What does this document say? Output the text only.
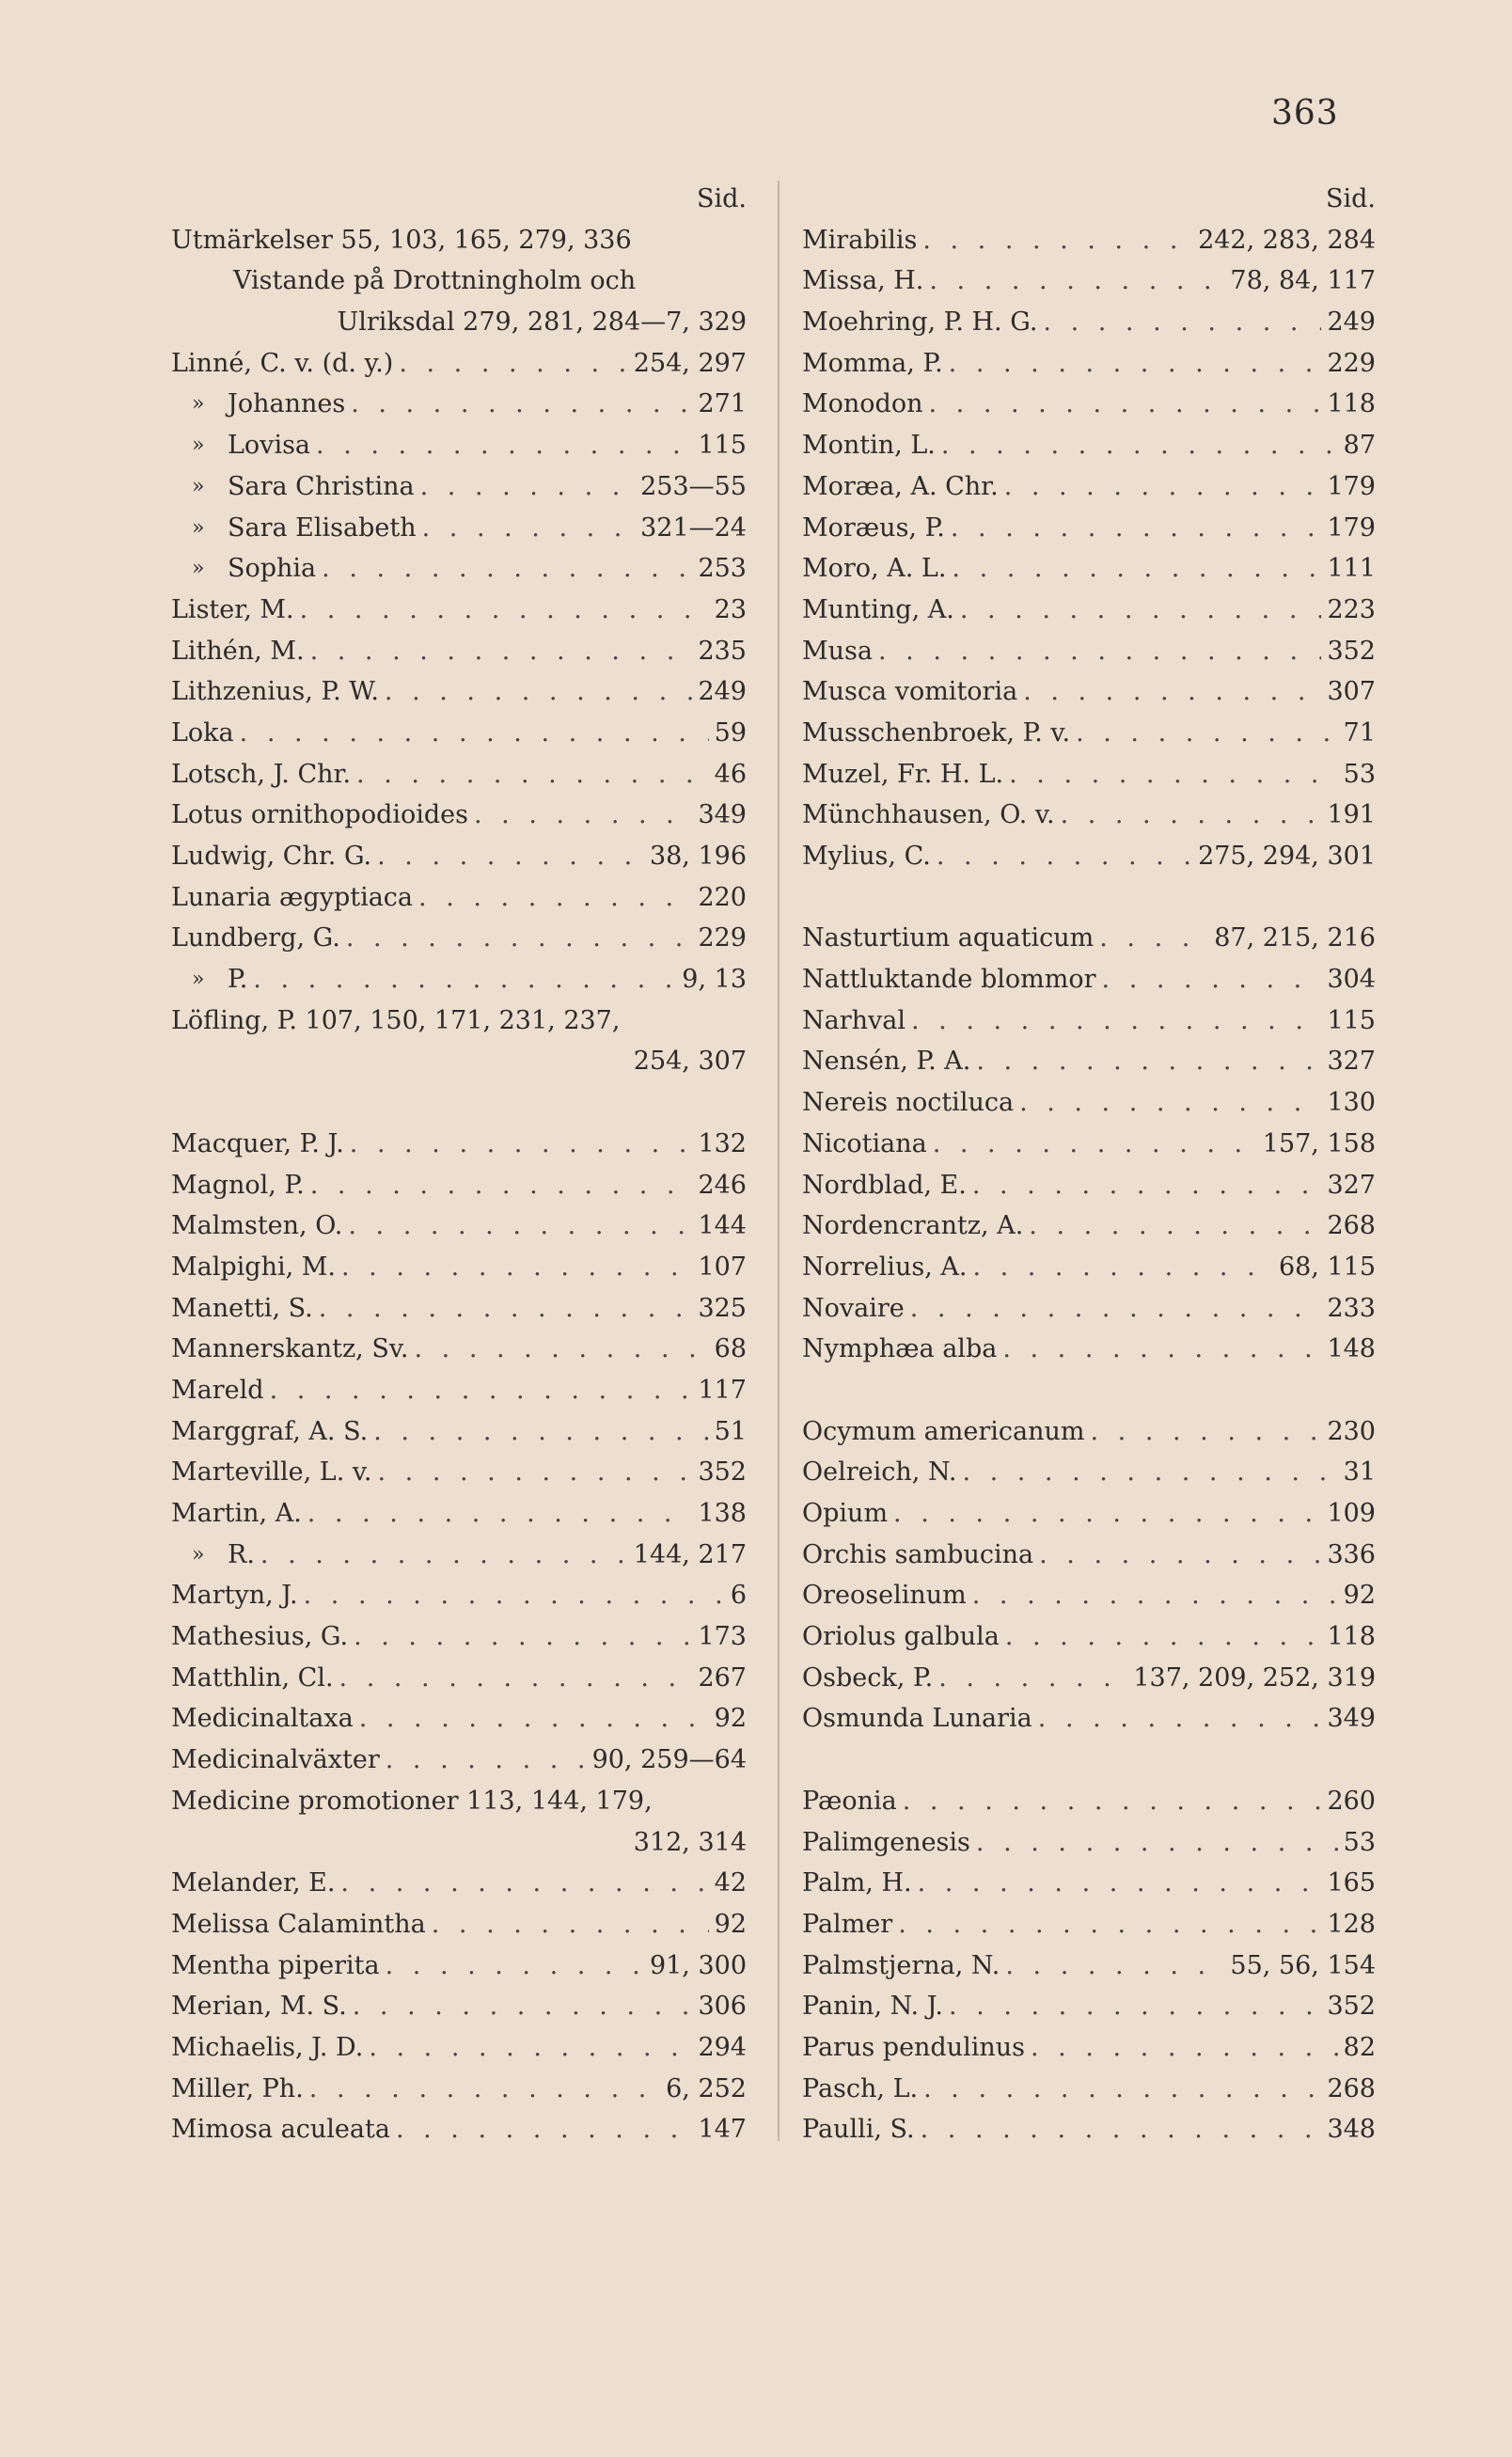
363
Sid.
Utmärkelser 55, 103, 165, 279, 336
Vistande på Drottningholm och
Ulriksdal 279, 281, 284—7, 329
Linné, C. v. (d. y.) . . .	254, 297
» Johannes . . .	271
» Lovisa . . .	115
» Sara Christina . . .	253—55
» Sara Elisabeth . . .	321—24
» Sophia . . .	253
Lister, M. . . .	23
Lithén, M. . . .	235
Lithzenius, P. W. . . .	249
Loka . . .	59
Lotsch, J. Chr. . . .	46
Lotus ornithopodioides . . .	349
Ludwig, Chr. G. . . .	38, 196
Lunaria ægyptiaca . . .	220
Lundberg, G. . . .	229
» P. . . .	9, 13
Löfling, P. 107, 150, 171, 231, 237,
254, 307
Macquer, P. J. . . .	132
Magnol, P. . . .	246
Malmsten, O. . . .	144
Malpighi, M. . . .	107
Manetti, S. . . .	325
Mannerskantz, Sv. . . .	68
Mareld . . .	117
Marggraf, A. S. . . .	51
Marteville, L. v. . . .	352
Martin, A. . . .	138
» R. . . .	144, 217
Martyn, J. . . .	6
Mathesius, G. . . .	173
Matthlin, Cl. . . .	267
Medicinaltaxa . . .	92
Medicinalväxter . . .	90, 259—64
Medicine promotioner 113, 144, 179,
312, 314
Melander, E. . . .	42
Melissa Calamintha . . .	92
Mentha piperita . . .	91, 300
Merian, M. S. . . .	306
Michaelis, J. D. . . .	294
Miller, Ph. . . .	6, 252
Mimosa aculeata . . .	147
Sid.
Mirabilis . . .	242, 283, 284
Missa, H. . . .	78, 84, 117
Moehring, P. H. G. . . .	249
Momma, P. . . .	229
Monodon . . .	118
Montin, L. . . .	87
Moræa, A. Chr. . . .	179
Moræus, P. . . .	179
Moro, A. L. . . .	111
Munting, A. . . .	223
Musa . . .	352
Musca vomitoria . . .	307
Musschenbroek, P. v. . . .	71
Muzel, Fr. H. L. . . .	53
Münchhausen, O. v. . . .	191
Mylius, C. . . .	275, 294, 301
Nasturtium aquaticum . . .	87, 215, 216
Nattluktande blommor . . .	304
Narhval . . .	115
Nensén, P. A. . . .	327
Nereis noctiluca . . .	130
Nicotiana . . .	157, 158
Nordblad, E. . . .	327
Nordencrantz, A. . . .	268
Norrelius, A. . . .	68, 115
Novaire . . .	233
Nymphæa alba . . .	148
Ocymum americanum . . .	230
Oelreich, N. . . .	31
Opium . . .	109
Orchis sambucina . . .	336
Oreoselinum . . .	92
Oriolus galbula . . .	118
Osbeck, P. . . .	137, 209, 252, 319
Osmunda Lunaria . . .	349
Pæonia . . .	260
Palimgenesis . . .	53
Palm, H. . . .	165
Palmer . . .	128
Palmstjerna, N. . . .	55, 56, 154
Panin, N. J. . . .	352
Parus pendulinus . . .	82
Pasch, L. . . .	268
Paulli, S. . . .	348
